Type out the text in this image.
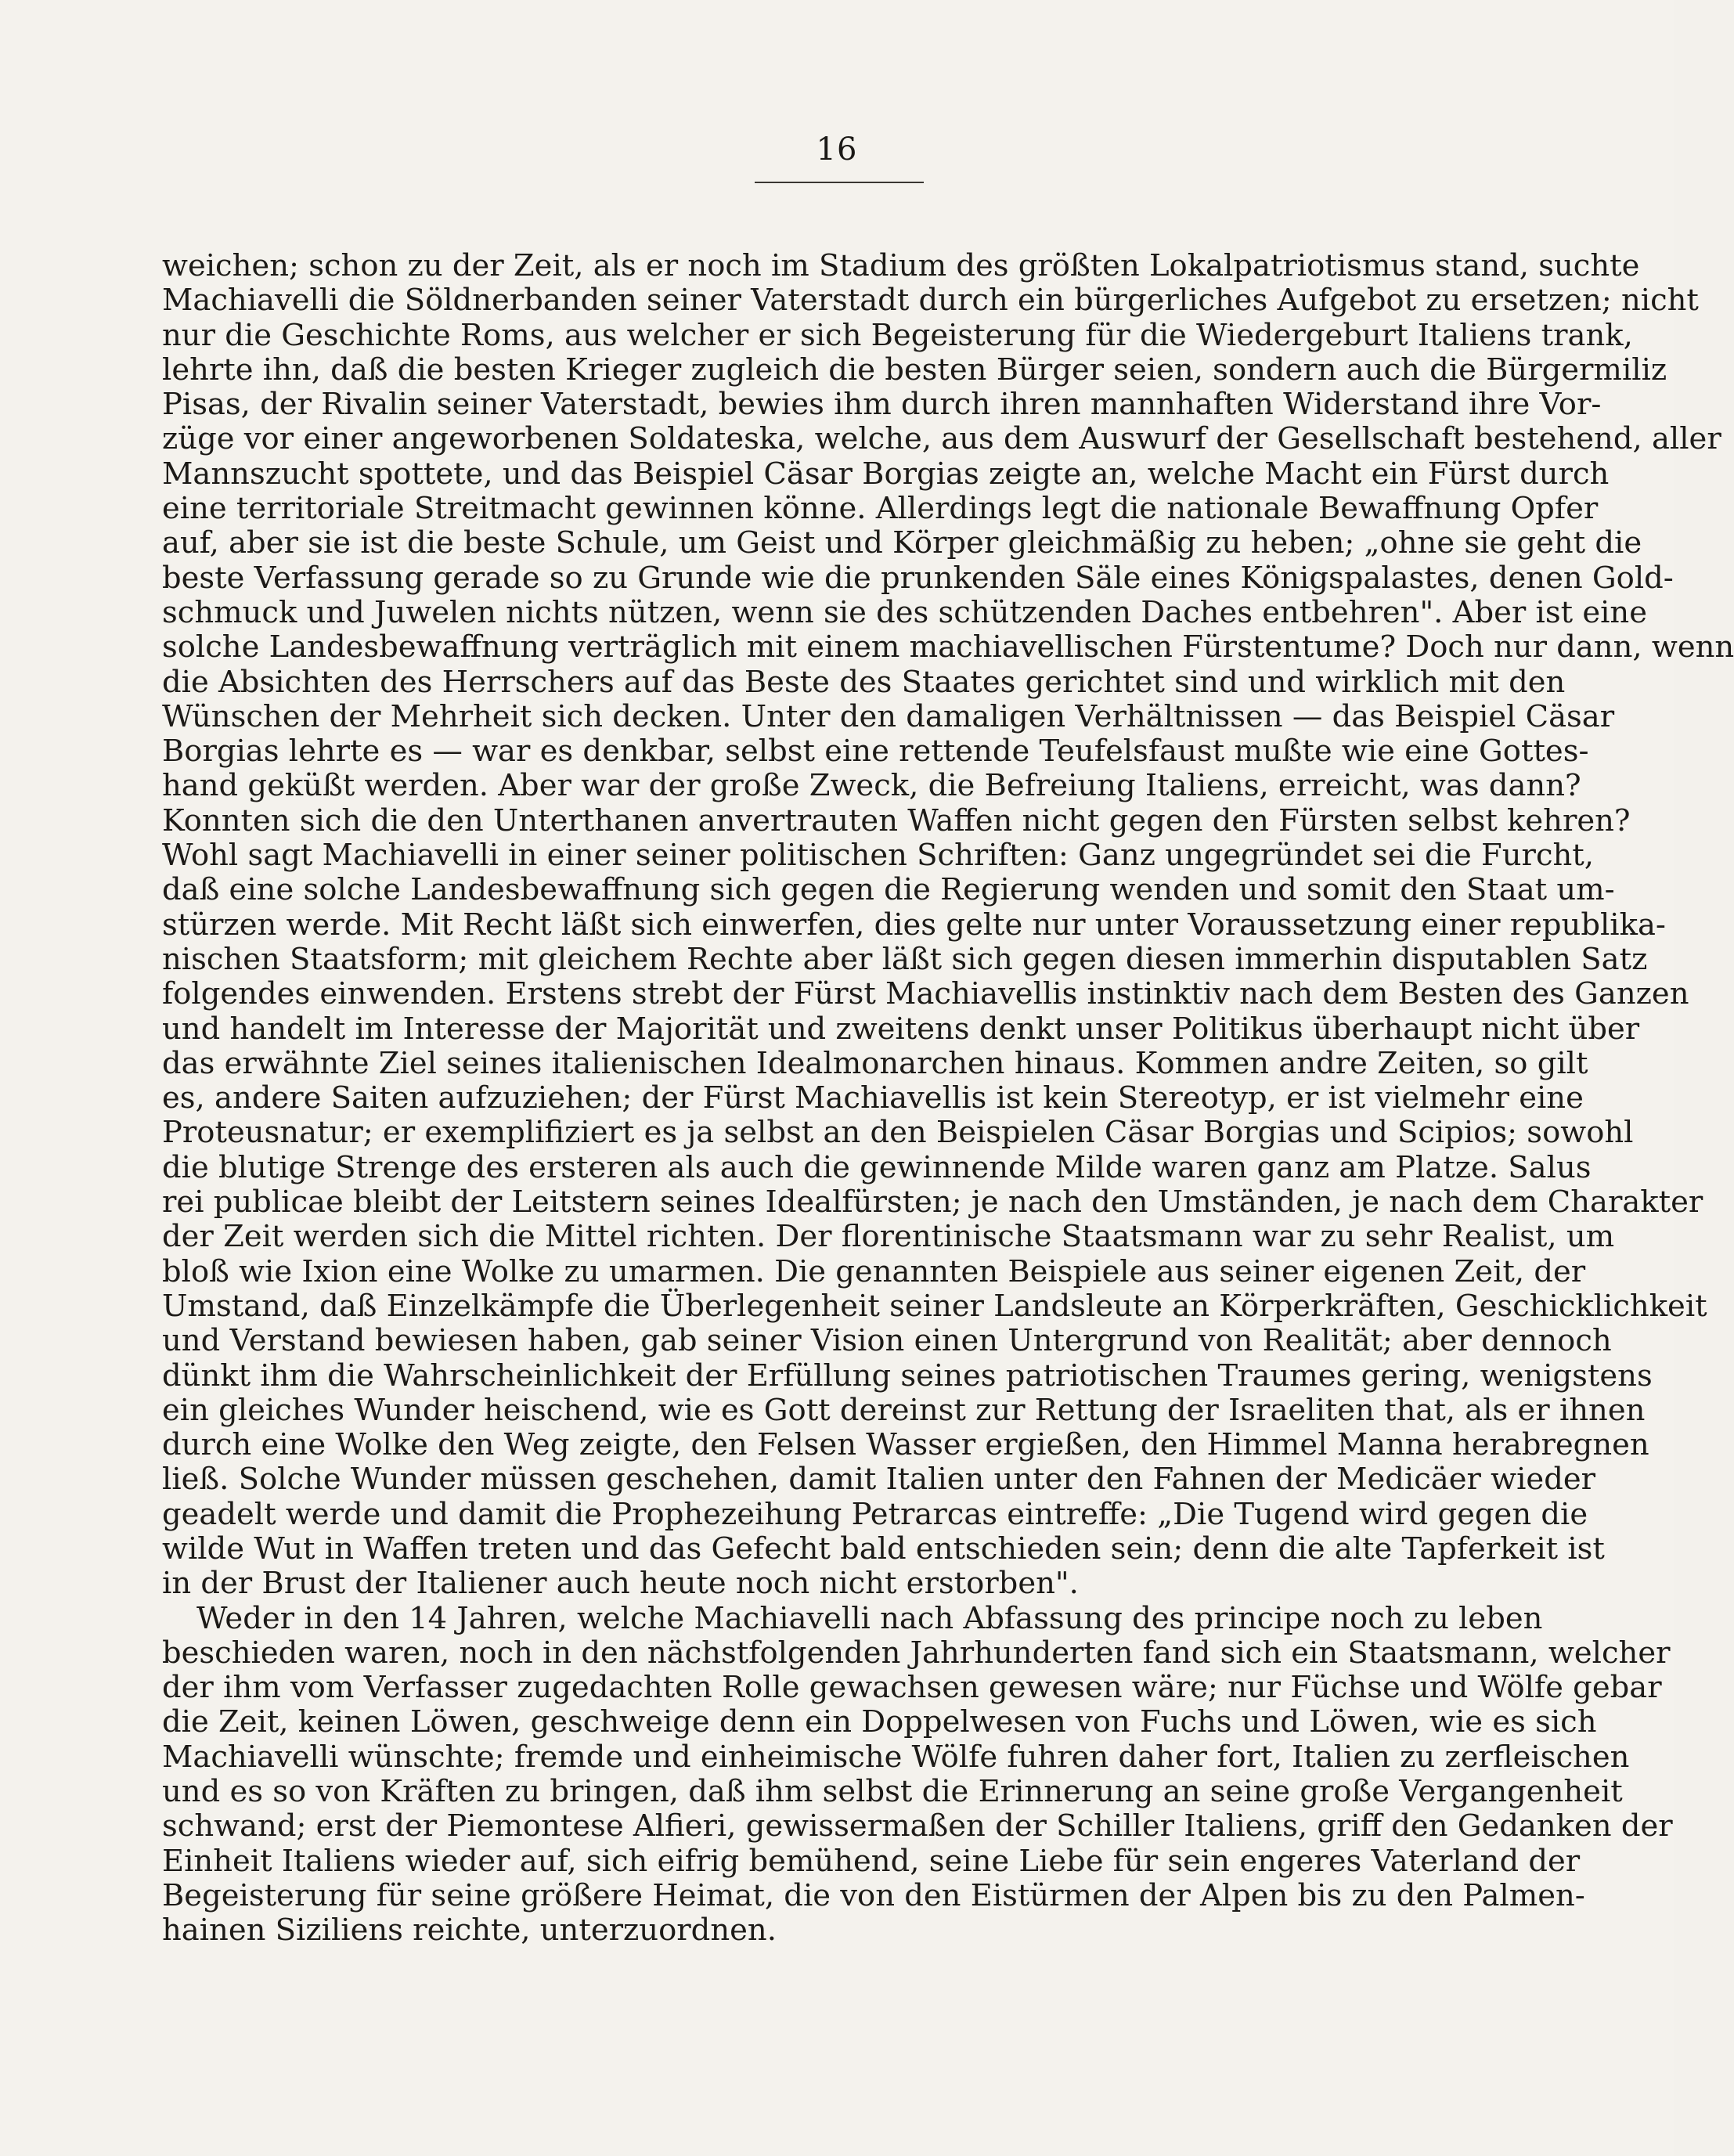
16
weichen; schon zu der Zeit, als er noch im Stadium des größten Lokalpatriotismus stand, suchte
Machiavelli die Söldnerbanden seiner Vaterstadt durch ein bürgerliches Aufgebot zu ersetzen; nicht
nur die Geschichte Roms, aus welcher er sich Begeisterung für die Wiedergeburt Italiens trank,
lehrte ihn, daß die besten Krieger zugleich die besten Bürger seien, sondern auch die Bürgermiliz
Pisas, der Rivalin seiner Vaterstadt, bewies ihm durch ihren mannhaften Widerstand ihre Vor-
züge vor einer angeworbenen Soldateska, welche, aus dem Auswurf der Gesellschaft bestehend, aller
Mannszucht spottete, und das Beispiel Cäsar Borgias zeigte an, welche Macht ein Fürst durch
eine territoriale Streitmacht gewinnen könne. Allerdings legt die nationale Bewaffnung Opfer
auf, aber sie ist die beste Schule, um Geist und Körper gleichmäßig zu heben; „ohne sie geht die
beste Verfassung gerade so zu Grunde wie die prunkenden Säle eines Königspalastes, denen Gold-
schmuck und Juwelen nichts nützen, wenn sie des schützenden Daches entbehren". Aber ist eine
solche Landesbewaffnung verträglich mit einem machiavellischen Fürstentume? Doch nur dann, wenn
die Absichten des Herrschers auf das Beste des Staates gerichtet sind und wirklich mit den
Wünschen der Mehrheit sich decken. Unter den damaligen Verhältnissen — das Beispiel Cäsar
Borgias lehrte es — war es denkbar, selbst eine rettende Teufelsfaust mußte wie eine Gottes-
hand geküßt werden. Aber war der große Zweck, die Befreiung Italiens, erreicht, was dann?
Konnten sich die den Unterthanen anvertrauten Waffen nicht gegen den Fürsten selbst kehren?
Wohl sagt Machiavelli in einer seiner politischen Schriften: Ganz ungegründet sei die Furcht,
daß eine solche Landesbewaffnung sich gegen die Regierung wenden und somit den Staat um-
stürzen werde. Mit Recht läßt sich einwerfen, dies gelte nur unter Voraussetzung einer republika-
nischen Staatsform; mit gleichem Rechte aber läßt sich gegen diesen immerhin disputablen Satz
folgendes einwenden. Erstens strebt der Fürst Machiavellis instinktiv nach dem Besten des Ganzen
und handelt im Interesse der Majorität und zweitens denkt unser Politikus überhaupt nicht über
das erwähnte Ziel seines italienischen Idealmonarchen hinaus. Kommen andre Zeiten, so gilt
es, andere Saiten aufzuziehen; der Fürst Machiavellis ist kein Stereotyp, er ist vielmehr eine
Proteusnatur; er exemplifiziert es ja selbst an den Beispielen Cäsar Borgias und Scipios; sowohl
die blutige Strenge des ersteren als auch die gewinnende Milde waren ganz am Platze. Salus
rei publicae bleibt der Leitstern seines Idealfürsten; je nach den Umständen, je nach dem Charakter
der Zeit werden sich die Mittel richten. Der florentinische Staatsmann war zu sehr Realist, um
bloß wie Ixion eine Wolke zu umarmen. Die genannten Beispiele aus seiner eigenen Zeit, der
Umstand, daß Einzelkämpfe die Überlegenheit seiner Landsleute an Körperkräften, Geschicklichkeit
und Verstand bewiesen haben, gab seiner Vision einen Untergrund von Realität; aber dennoch
dünkt ihm die Wahrscheinlichkeit der Erfüllung seines patriotischen Traumes gering, wenigstens
ein gleiches Wunder heischend, wie es Gott dereinst zur Rettung der Israeliten that, als er ihnen
durch eine Wolke den Weg zeigte, den Felsen Wasser ergießen, den Himmel Manna herabregnen
ließ. Solche Wunder müssen geschehen, damit Italien unter den Fahnen der Medicäer wieder
geadelt werde und damit die Prophezeihung Petrarcas eintreffe: „Die Tugend wird gegen die
wilde Wut in Waffen treten und das Gefecht bald entschieden sein; denn die alte Tapferkeit ist
in der Brust der Italiener auch heute noch nicht erstorben".
Weder in den 14 Jahren, welche Machiavelli nach Abfassung des principe noch zu leben
beschieden waren, noch in den nächstfolgenden Jahrhunderten fand sich ein Staatsmann, welcher
der ihm vom Verfasser zugedachten Rolle gewachsen gewesen wäre; nur Füchse und Wölfe gebar
die Zeit, keinen Löwen, geschweige denn ein Doppelwesen von Fuchs und Löwen, wie es sich
Machiavelli wünschte; fremde und einheimische Wölfe fuhren daher fort, Italien zu zerfleischen
und es so von Kräften zu bringen, daß ihm selbst die Erinnerung an seine große Vergangenheit
schwand; erst der Piemontese Alfieri, gewissermaßen der Schiller Italiens, griff den Gedanken der
Einheit Italiens wieder auf, sich eifrig bemühend, seine Liebe für sein engeres Vaterland der
Begeisterung für seine größere Heimat, die von den Eistürmen der Alpen bis zu den Palmen-
hainen Siziliens reichte, unterzuordnen.
